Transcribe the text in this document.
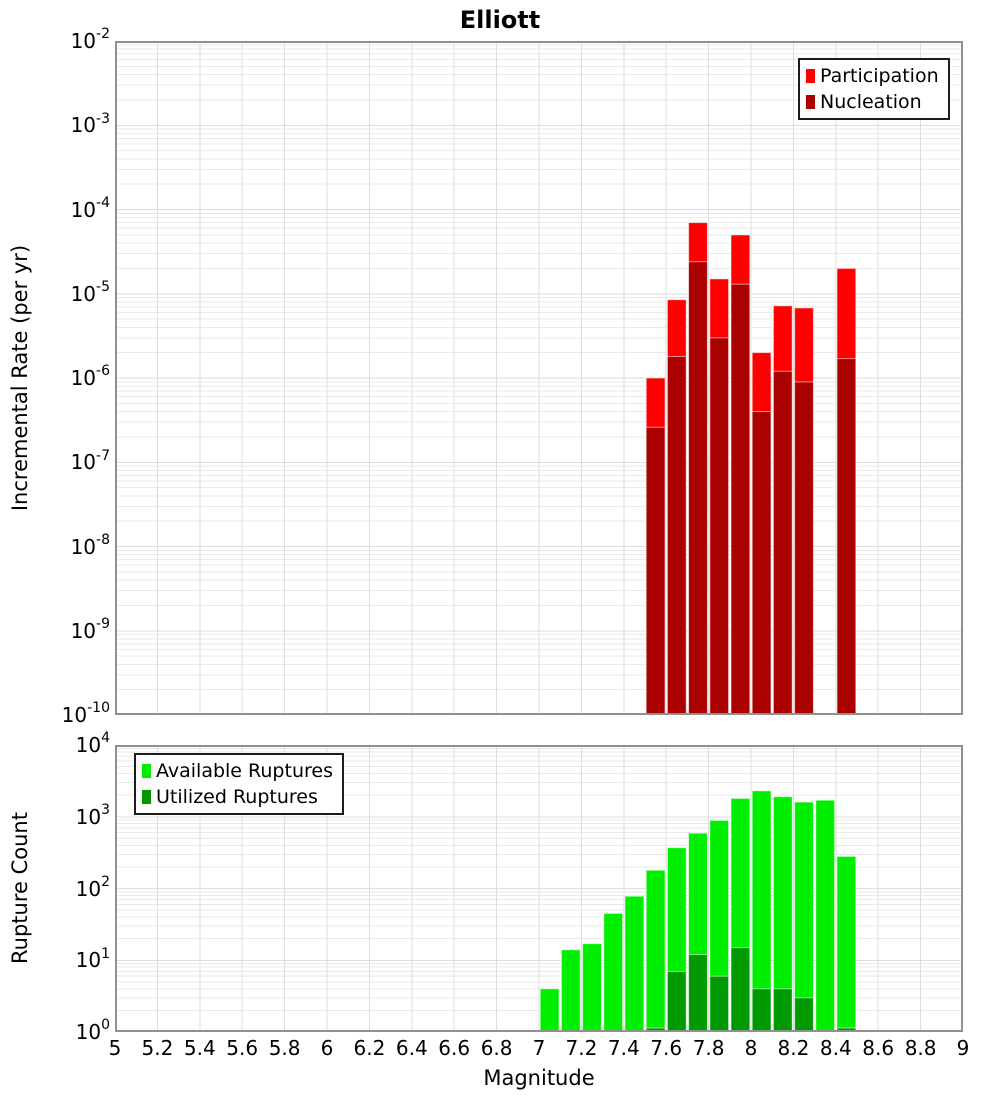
Elliott
Incremental Rate (per yr)
Rupture Count
Magnitude
$10^{-2}$
$10^{-3}$
$10^{-4}$
$10^{-5}$
$10^{-6}$
$10^{-7}$
$10^{-8}$
$10^{-9}$
$10^{-10}$
$10^4$
$10^3$
$10^2$
$10^1$
$10^0$
5	5.2 5.4 5.6 5.8	6	6.2 6.4 6.6 6.8	7	7.2 7.4 7.6 7.8	8	8.2 8.4 8.6 8.8	9
Participation
Nucleation
Available Ruptures
Utilized Ruptures
